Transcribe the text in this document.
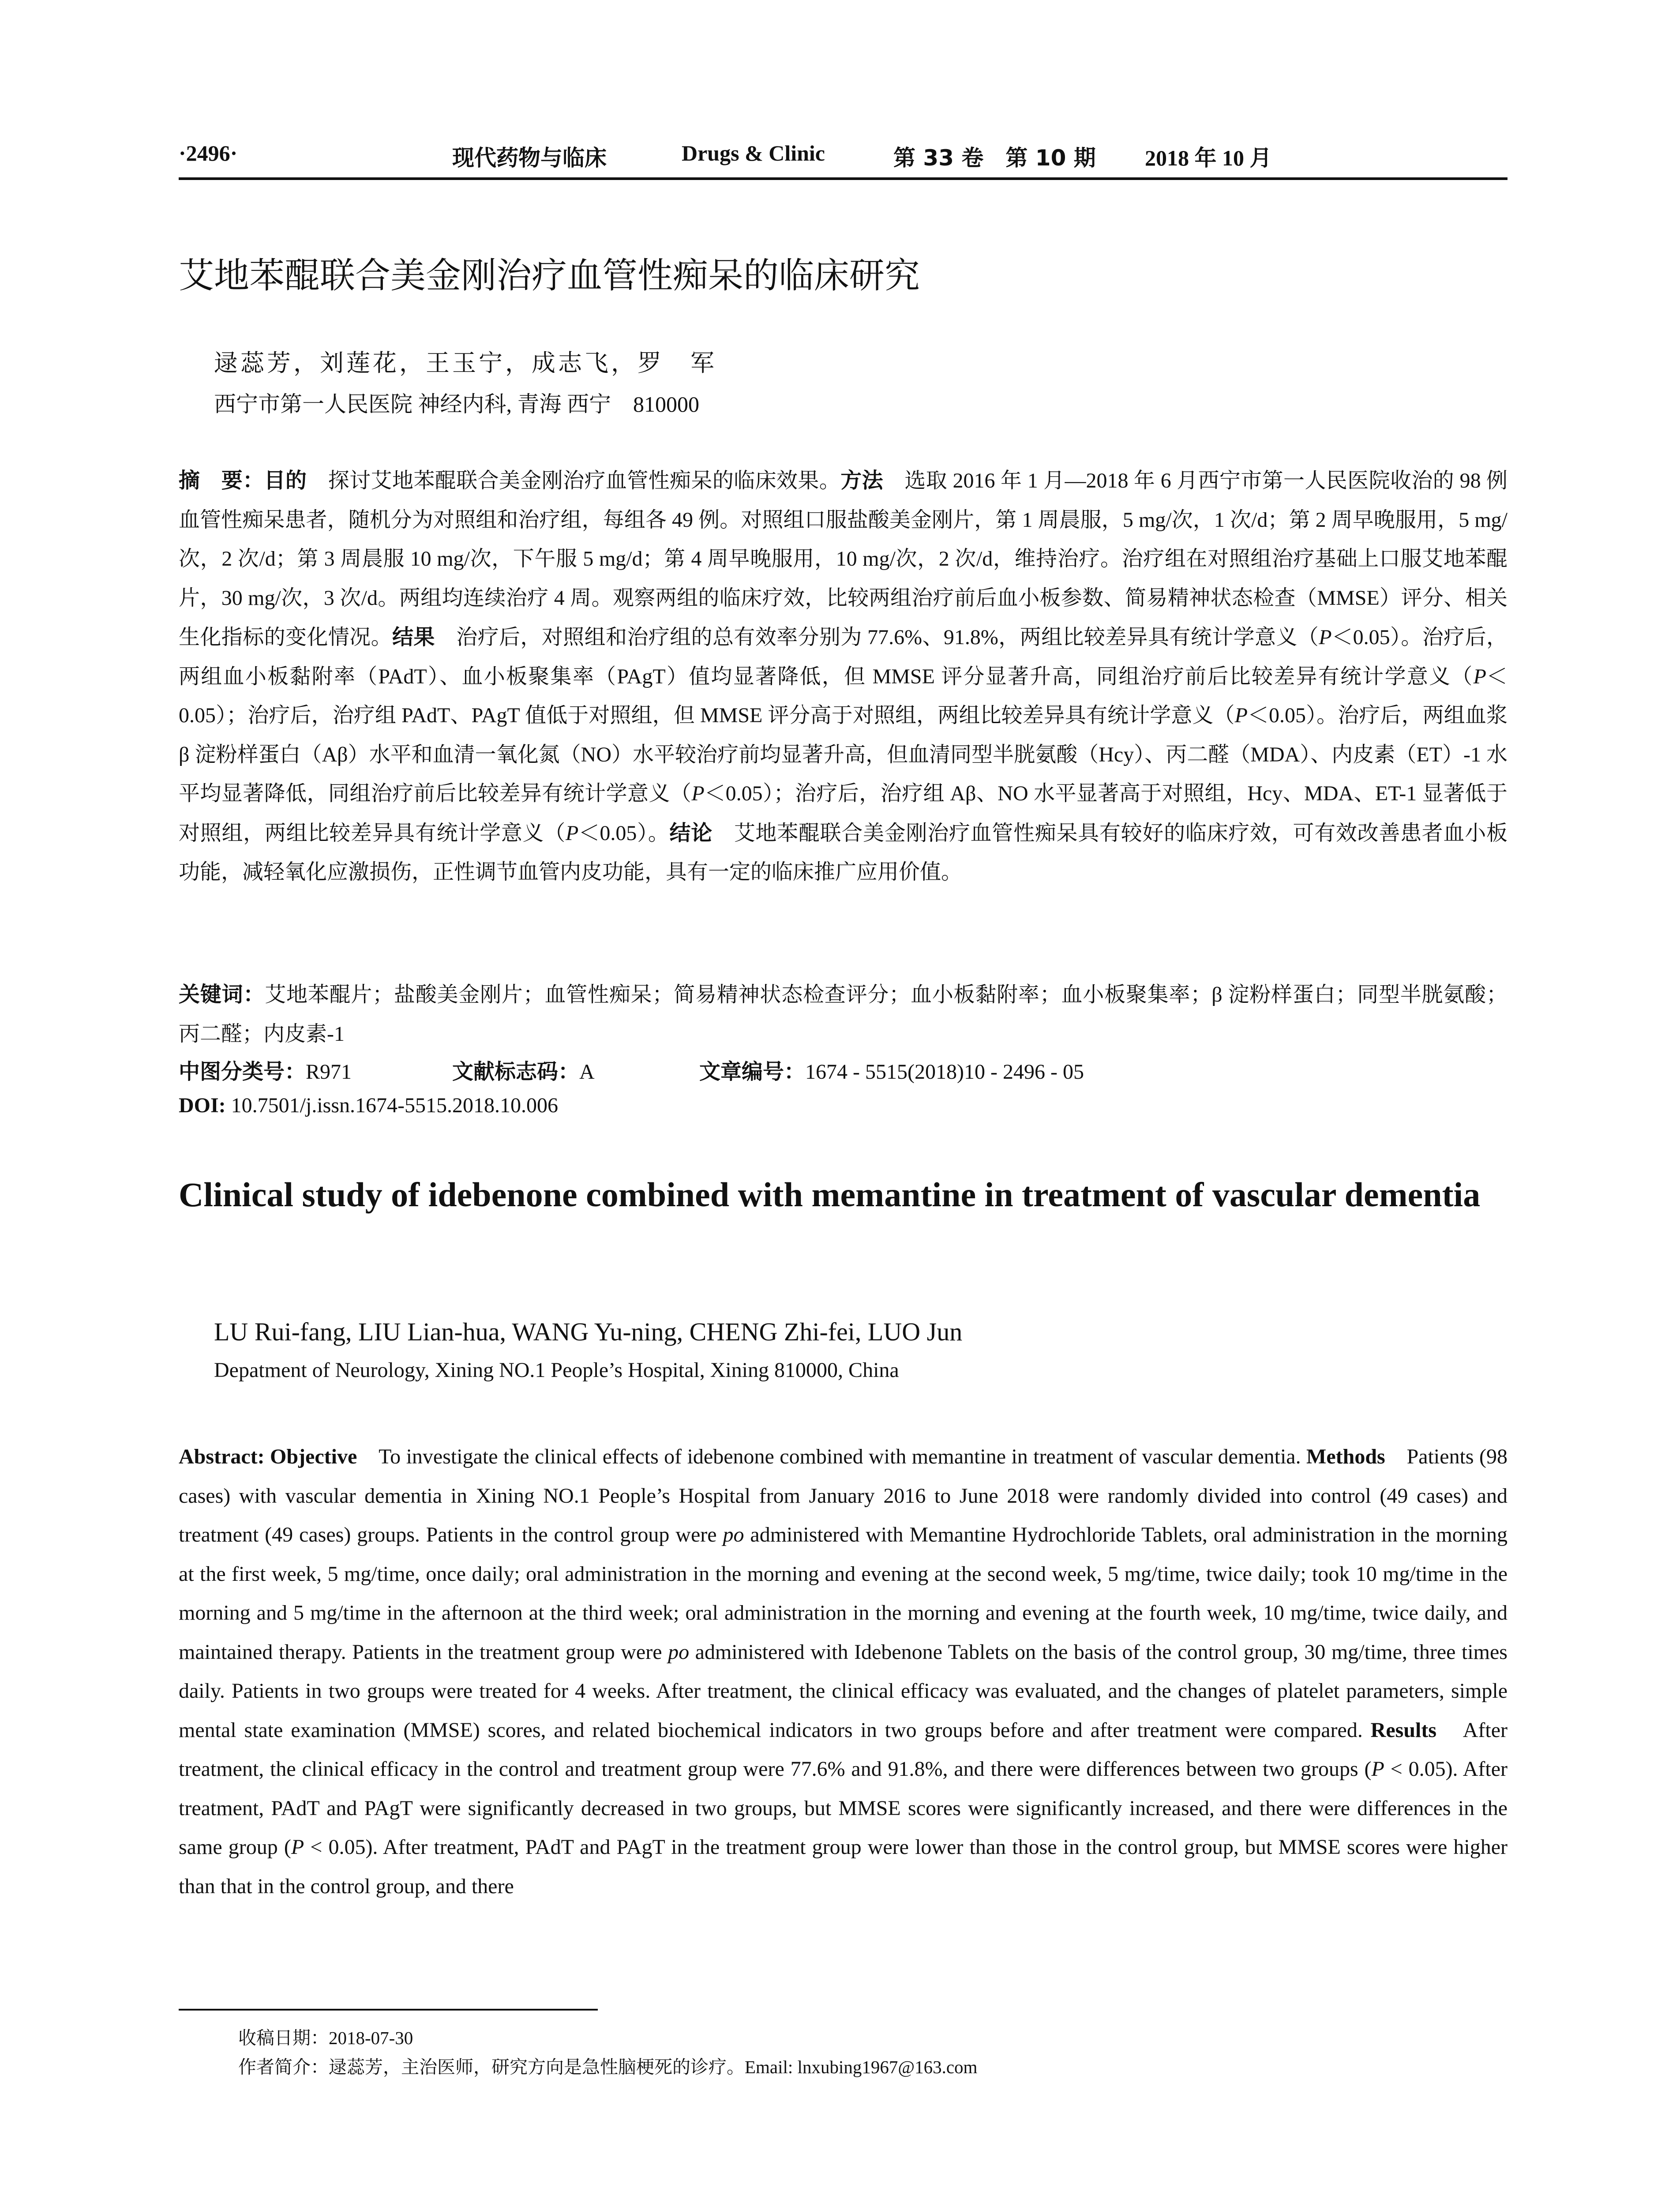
·2496·	现代药物与临床	Drugs & Clinic	第 33 卷　第 10 期 2018 年 10 月
艾地苯醌联合美金刚治疗血管性痴呆的临床研究
逯蕊芳，刘莲花，王玉宁，成志飞，罗　军
西宁市第一人民医院 神经内科, 青海 西宁　810000
摘　要：目的　探讨艾地苯醌联合美金刚治疗血管性痴呆的临床效果。方法　选取 2016 年 1 月—2018 年 6 月西宁市第一人民医院收治的 98 例血管性痴呆患者，随机分为对照组和治疗组，每组各 49 例。对照组口服盐酸美金刚片，第 1 周晨服，5 mg/次，1 次/d；第 2 周早晚服用，5 mg/次，2 次/d；第 3 周晨服 10 mg/次，下午服 5 mg/d；第 4 周早晚服用，10 mg/次，2 次/d，维持治疗。治疗组在对照组治疗基础上口服艾地苯醌片，30 mg/次，3 次/d。两组均连续治疗 4 周。观察两组的临床疗效，比较两组治疗前后血小板参数、简易精神状态检查（MMSE）评分、相关生化指标的变化情况。结果　治疗后，对照组和治疗组的总有效率分别为 77.6%、91.8%，两组比较差异具有统计学意义（P＜0.05）。治疗后，两组血小板黏附率（PAdT）、血小板聚集率（PAgT）值均显著降低，但 MMSE 评分显著升高，同组治疗前后比较差异有统计学意义（P＜0.05）；治疗后，治疗组 PAdT、PAgT 值低于对照组，但 MMSE 评分高于对照组，两组比较差异具有统计学意义（P＜0.05）。治疗后，两组血浆 β 淀粉样蛋白（Aβ）水平和血清一氧化氮（NO）水平较治疗前均显著升高，但血清同型半胱氨酸（Hcy）、丙二醛（MDA）、内皮素（ET）-1 水平均显著降低，同组治疗前后比较差异有统计学意义（P＜0.05）；治疗后，治疗组 Aβ、NO 水平显著高于对照组，Hcy、MDA、ET-1 显著低于对照组，两组比较差异具有统计学意义（P＜0.05）。结论　艾地苯醌联合美金刚治疗血管性痴呆具有较好的临床疗效，可有效改善患者血小板功能，减轻氧化应激损伤，正性调节血管内皮功能，具有一定的临床推广应用价值。
关键词：艾地苯醌片；盐酸美金刚片；血管性痴呆；简易精神状态检查评分；血小板黏附率；血小板聚集率；β 淀粉样蛋白；同型半胱氨酸；丙二醛；内皮素-1
中图分类号：R971	文献标志码：A	文章编号：1674 - 5515(2018)10 - 2496 - 05
DOI: 10.7501/j.issn.1674-5515.2018.10.006
Clinical study of idebenone combined with memantine in treatment of vascular dementia
LU Rui-fang, LIU Lian-hua, WANG Yu-ning, CHENG Zhi-fei, LUO Jun
Depatment of Neurology, Xining NO.1 People’s Hospital, Xining 810000, China
Abstract: Objective　To investigate the clinical effects of idebenone combined with memantine in treatment of vascular dementia. Methods　Patients (98 cases) with vascular dementia in Xining NO.1 People’s Hospital from January 2016 to June 2018 were randomly divided into control (49 cases) and treatment (49 cases) groups. Patients in the control group were po administered with Memantine Hydrochloride Tablets, oral administration in the morning at the first week, 5 mg/time, once daily; oral administration in the morning and evening at the second week, 5 mg/time, twice daily; took 10 mg/time in the morning and 5 mg/time in the afternoon at the third week; oral administration in the morning and evening at the fourth week, 10 mg/time, twice daily, and maintained therapy. Patients in the treatment group were po administered with Idebenone Tablets on the basis of the control group, 30 mg/time, three times daily. Patients in two groups were treated for 4 weeks. After treatment, the clinical efficacy was evaluated, and the changes of platelet parameters, simple mental state examination (MMSE) scores, and related biochemical indicators in two groups before and after treatment were compared. Results　After treatment, the clinical efficacy in the control and treatment group were 77.6% and 91.8%, and there were differences between two groups (P < 0.05). After treatment, PAdT and PAgT were significantly decreased in two groups, but MMSE scores were significantly increased, and there were differences in the same group (P < 0.05). After treatment, PAdT and PAgT in the treatment group were lower than those in the control group, but MMSE scores were higher than that in the control group, and there
收稿日期：2018-07-30
作者简介：逯蕊芳，主治医师，研究方向是急性脑梗死的诊疗。Email: lnxubing1967@163.com
